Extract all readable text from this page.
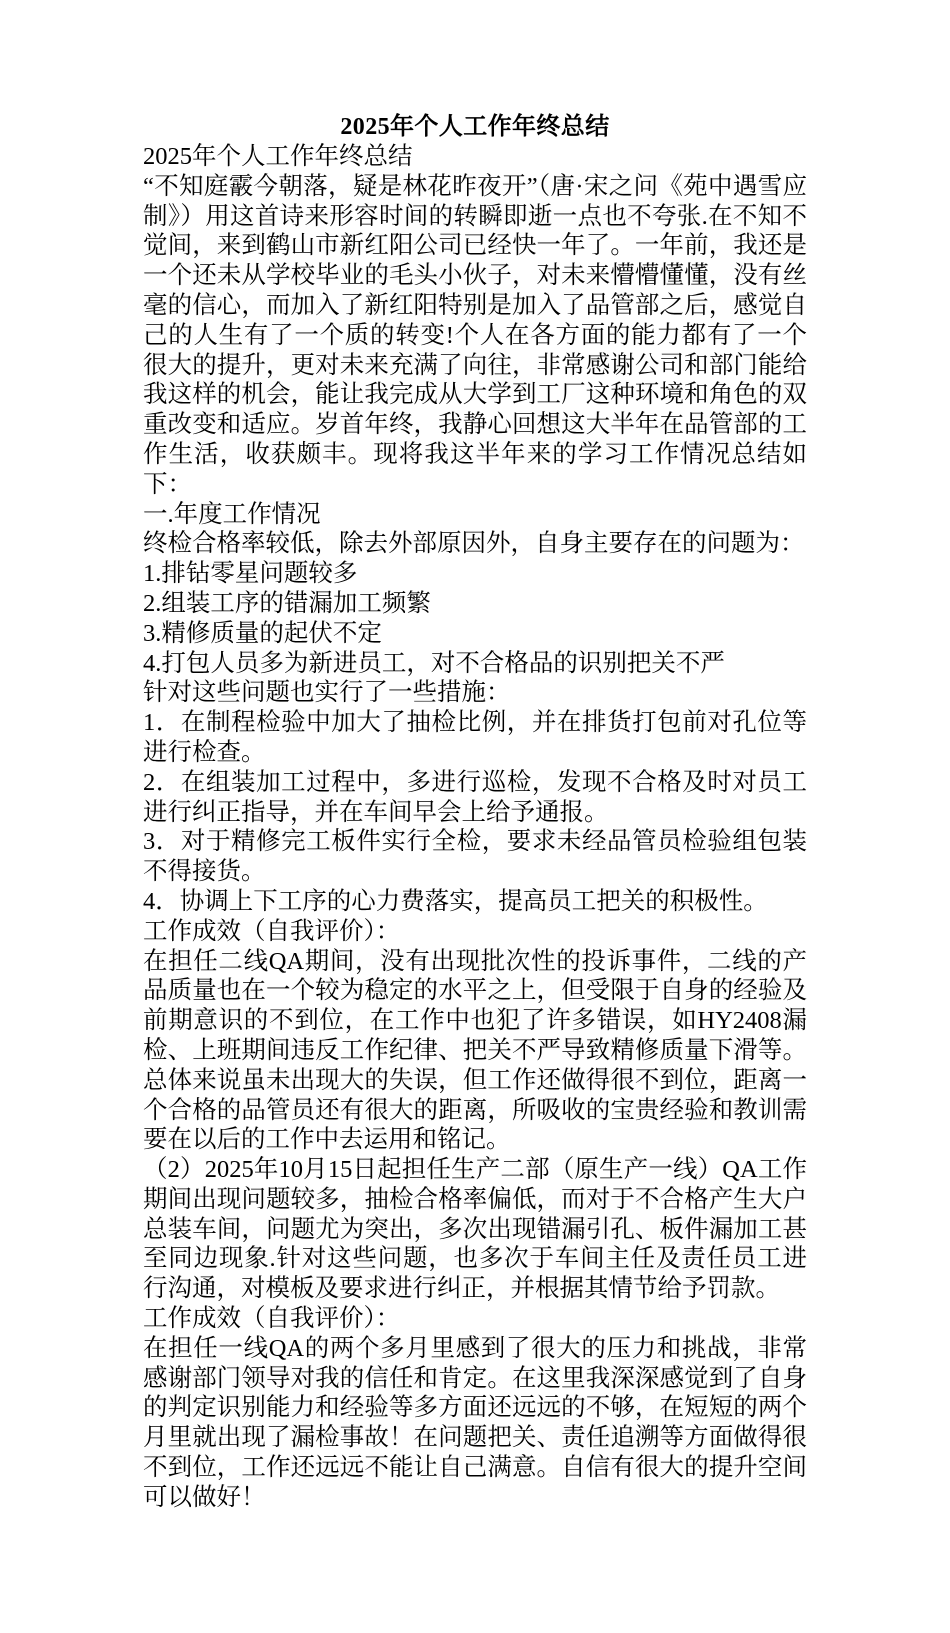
2025年个人工作年终总结

2025年个人工作年终总结

“不知庭霰今朝落，疑是林花昨夜开”（唐·宋之问《苑中遇雪应制》）用这首诗来形容时间的转瞬即逝一点也不夸张.在不知不觉间，来到鹤山市新红阳公司已经快一年了。一年前，我还是一个还未从学校毕业的毛头小伙子，对未来懵懵懂懂，没有丝毫的信心，而加入了新红阳特别是加入了品管部之后，感觉自己的人生有了一个质的转变!个人在各方面的能力都有了一个很大的提升，更对未来充满了向往，非常感谢公司和部门能给我这样的机会，能让我完成从大学到工厂这种环境和角色的双重改变和适应。岁首年终，我静心回想这大半年在品管部的工作生活，收获颇丰。现将我这半年来的学习工作情况总结如下：

一.年度工作情况

终检合格率较低，除去外部原因外，自身主要存在的问题为：

1.排钻零星问题较多

2.组装工序的错漏加工频繁

3.精修质量的起伏不定

4.打包人员多为新进员工，对不合格品的识别把关不严

针对这些问题也实行了一些措施：

1．在制程检验中加大了抽检比例，并在排货打包前对孔位等进行检查。

2．在组装加工过程中，多进行巡检，发现不合格及时对员工进行纠正指导，并在车间早会上给予通报。

3．对于精修完工板件实行全检，要求未经品管员检验组包装不得接货。

4．协调上下工序的心力费落实，提高员工把关的积极性。

工作成效（自我评价）：

在担任二线QA期间，没有出现批次性的投诉事件，二线的产品质量也在一个较为稳定的水平之上，但受限于自身的经验及前期意识的不到位，在工作中也犯了许多错误，如HY2408漏检、上班期间违反工作纪律、把关不严导致精修质量下滑等。总体来说虽未出现大的失误，但工作还做得很不到位，距离一个合格的品管员还有很大的距离，所吸收的宝贵经验和教训需要在以后的工作中去运用和铭记。

（2）2025年10月15日起担任生产二部（原生产一线）QA工作期间出现问题较多，抽检合格率偏低，而对于不合格产生大户总装车间，问题尤为突出，多次出现错漏引孔、板件漏加工甚至同边现象.针对这些问题，也多次于车间主任及责任员工进行沟通，对模板及要求进行纠正，并根据其情节给予罚款。

工作成效（自我评价）：

在担任一线QA的两个多月里感到了很大的压力和挑战，非常感谢部门领导对我的信任和肯定。在这里我深深感觉到了自身的判定识别能力和经验等多方面还远远的不够，在短短的两个月里就出现了漏检事故！在问题把关、责任追溯等方面做得很不到位，工作还远远不能让自己满意。自信有很大的提升空间可以做好！
